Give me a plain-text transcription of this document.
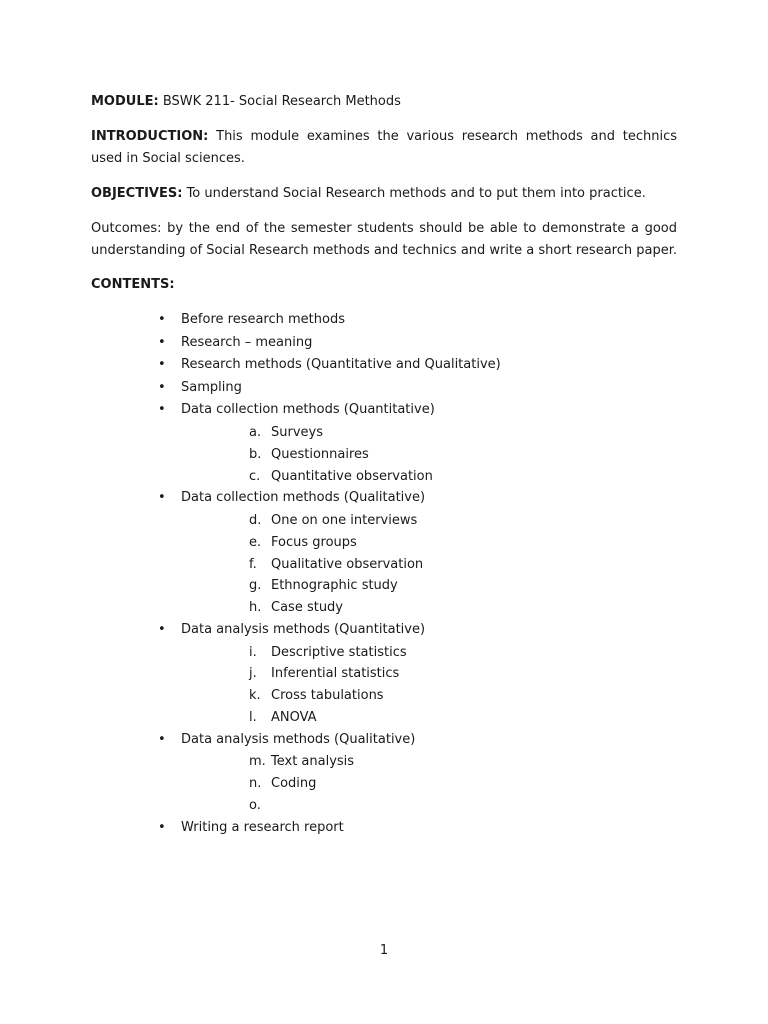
MODULE: BSWK 211- Social Research Methods

INTRODUCTION: This module examines the various research methods and technics used in Social sciences.

OBJECTIVES: To understand Social Research methods and to put them into practice.

Outcomes: by the end of the semester students should be able to demonstrate a good understanding of Social Research methods and technics and write a short research paper.

CONTENTS:

• Before research methods
• Research – meaning
• Research methods (Quantitative and Qualitative)
• Sampling
• Data collection methods (Quantitative)
a. Surveys
b. Questionnaires
c. Quantitative observation
• Data collection methods (Qualitative)
d. One on one interviews
e. Focus groups
f. Qualitative observation
g. Ethnographic study
h. Case study
• Data analysis methods (Quantitative)
i. Descriptive statistics
j. Inferential statistics
k. Cross tabulations
l. ANOVA
• Data analysis methods (Qualitative)
m. Text analysis
n. Coding
o.
• Writing a research report
1
